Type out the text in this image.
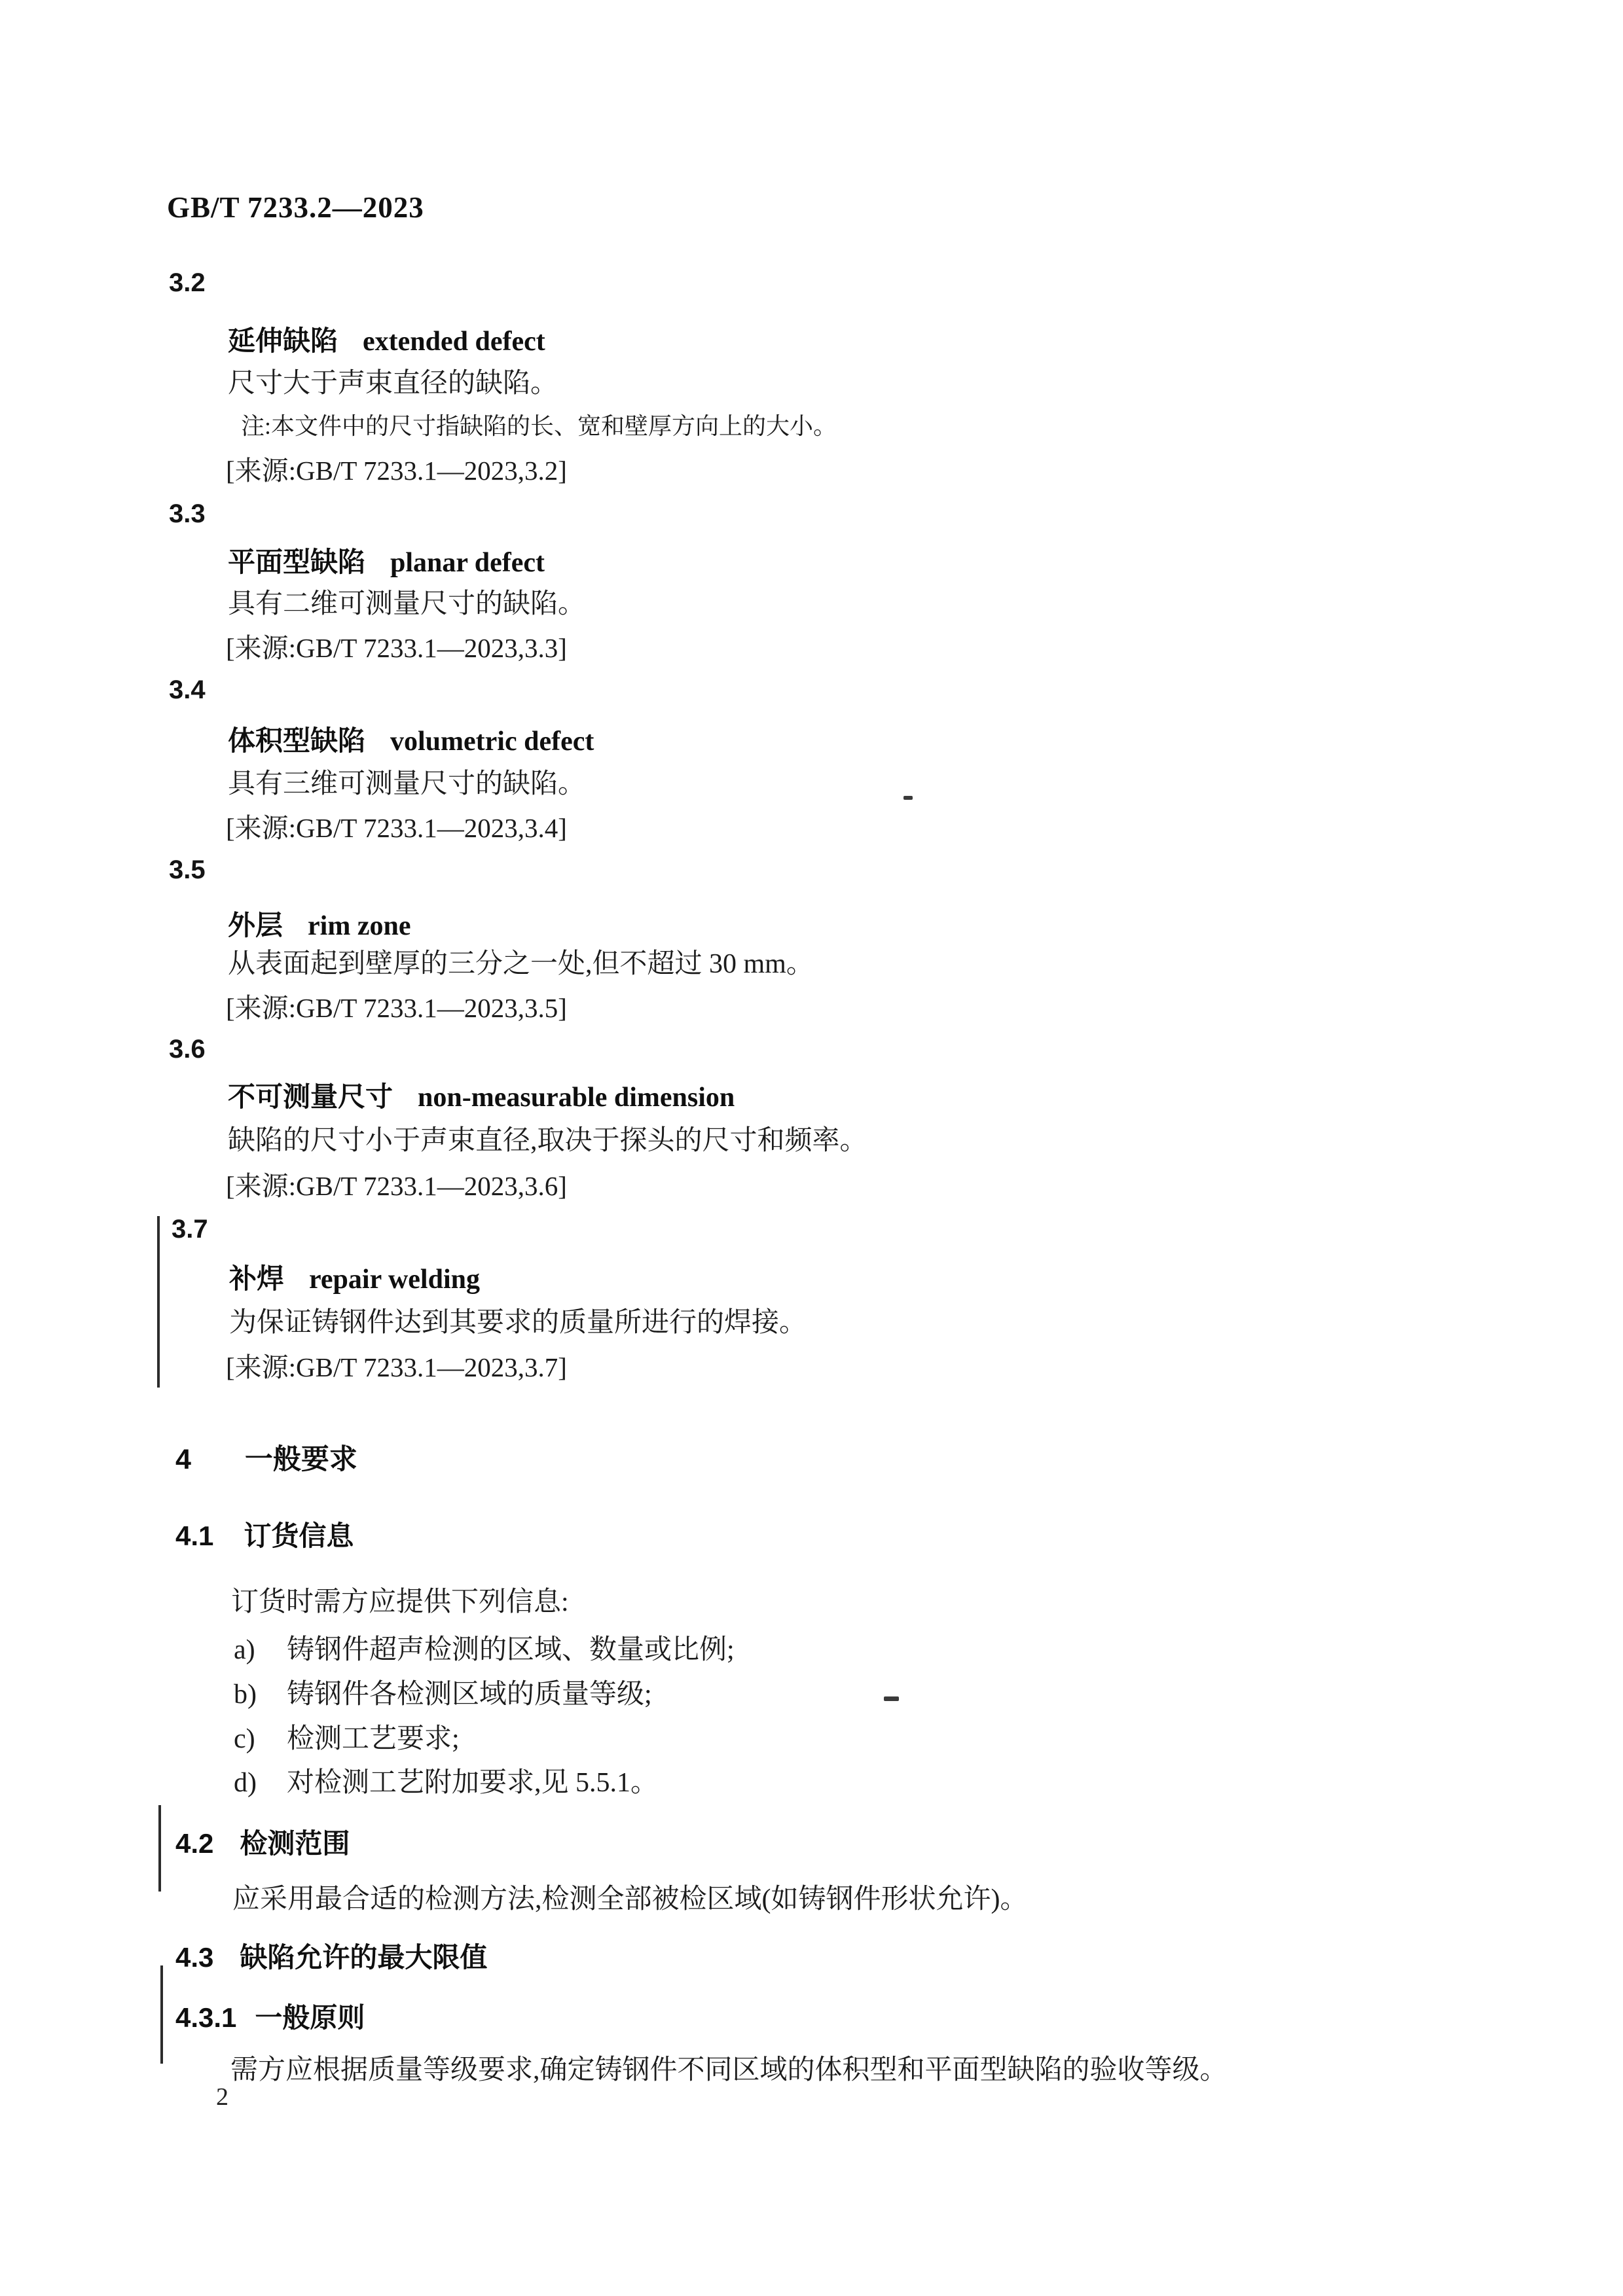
GB/T 7233.2—2023
3.2
延伸缺陷 extended defect
尺寸大于声束直径的缺陷。
注:本文件中的尺寸指缺陷的长、宽和壁厚方向上的大小。
[来源:GB/T 7233.1—2023,3.2]
3.3
平面型缺陷 planar defect
具有二维可测量尺寸的缺陷。
[来源:GB/T 7233.1—2023,3.3]
3.4
体积型缺陷 volumetric defect
具有三维可测量尺寸的缺陷。
[来源:GB/T 7233.1—2023,3.4]
3.5
外层 rim zone
从表面起到壁厚的三分之一处,但不超过 30 mm。
[来源:GB/T 7233.1—2023,3.5]
3.6
不可测量尺寸 non-measurable dimension
缺陷的尺寸小于声束直径,取决于探头的尺寸和频率。
[来源:GB/T 7233.1—2023,3.6]
3.7
补焊 repair welding
为保证铸钢件达到其要求的质量所进行的焊接。
[来源:GB/T 7233.1—2023,3.7]
4 一般要求
4.1 订货信息
订货时需方应提供下列信息:
a) 铸钢件超声检测的区域、数量或比例;
b) 铸钢件各检测区域的质量等级;
c) 检测工艺要求;
d) 对检测工艺附加要求,见 5.5.1。
4.2 检测范围
应采用最合适的检测方法,检测全部被检区域(如铸钢件形状允许)。
4.3 缺陷允许的最大限值
4.3.1 一般原则
需方应根据质量等级要求,确定铸钢件不同区域的体积型和平面型缺陷的验收等级。
2
